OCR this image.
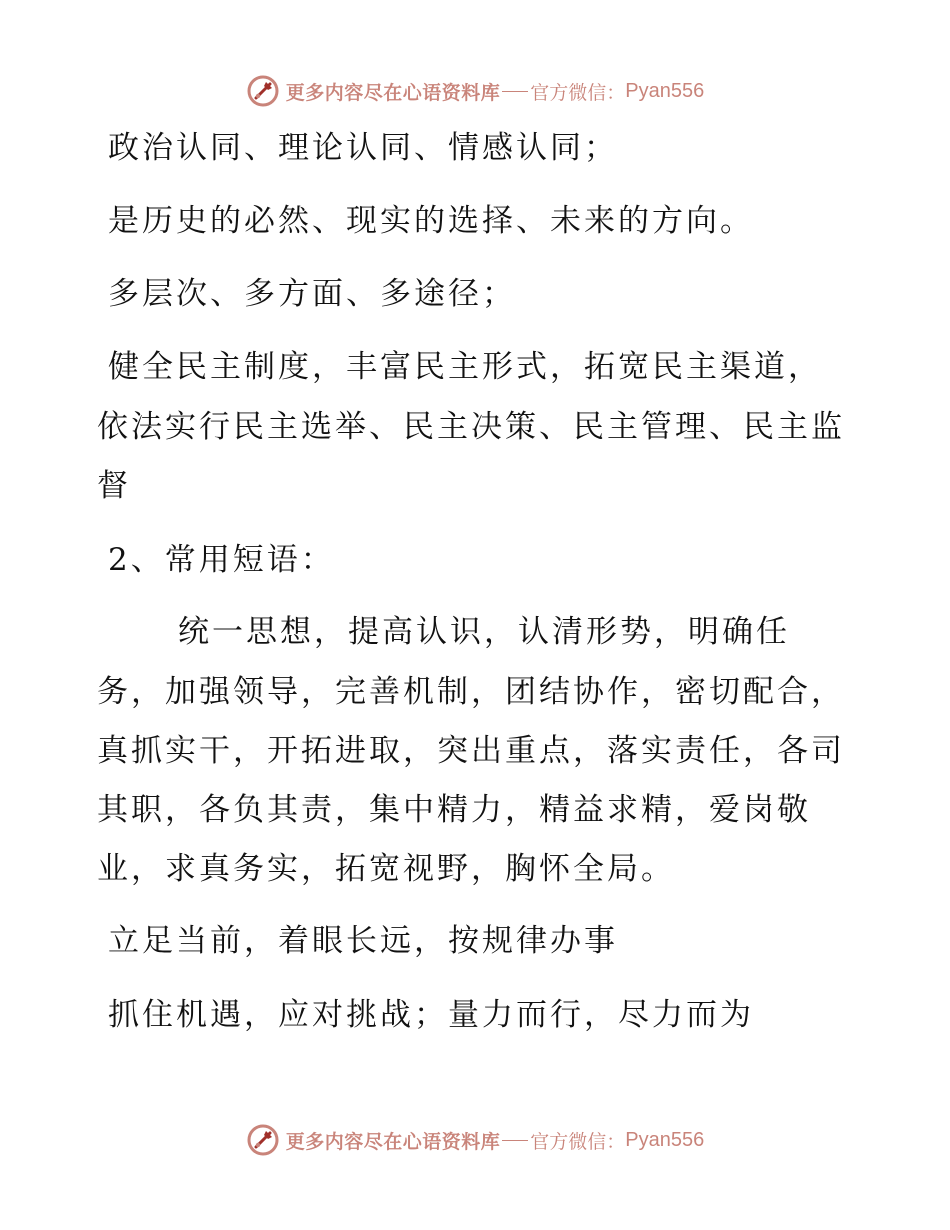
更多内容尽在心语资料库 官方微信： Pyan556
政治认同、理论认同、情感认同；
是历史的必然、现实的选择、未来的方向。
多层次、多方面、多途径；
健全民主制度，丰富民主形式，拓宽民主渠道，
依法实行民主选举、民主决策、民主管理、民主监
督
2、常用短语：
统一思想，提高认识，认清形势，明确任
务，加强领导，完善机制，团结协作，密切配合，
真抓实干，开拓进取，突出重点，落实责任，各司
其职，各负其责，集中精力，精益求精，爱岗敬
业，求真务实，拓宽视野，胸怀全局。
立足当前，着眼长远，按规律办事
抓住机遇，应对挑战；量力而行，尽力而为
更多内容尽在心语资料库 官方微信： Pyan556
